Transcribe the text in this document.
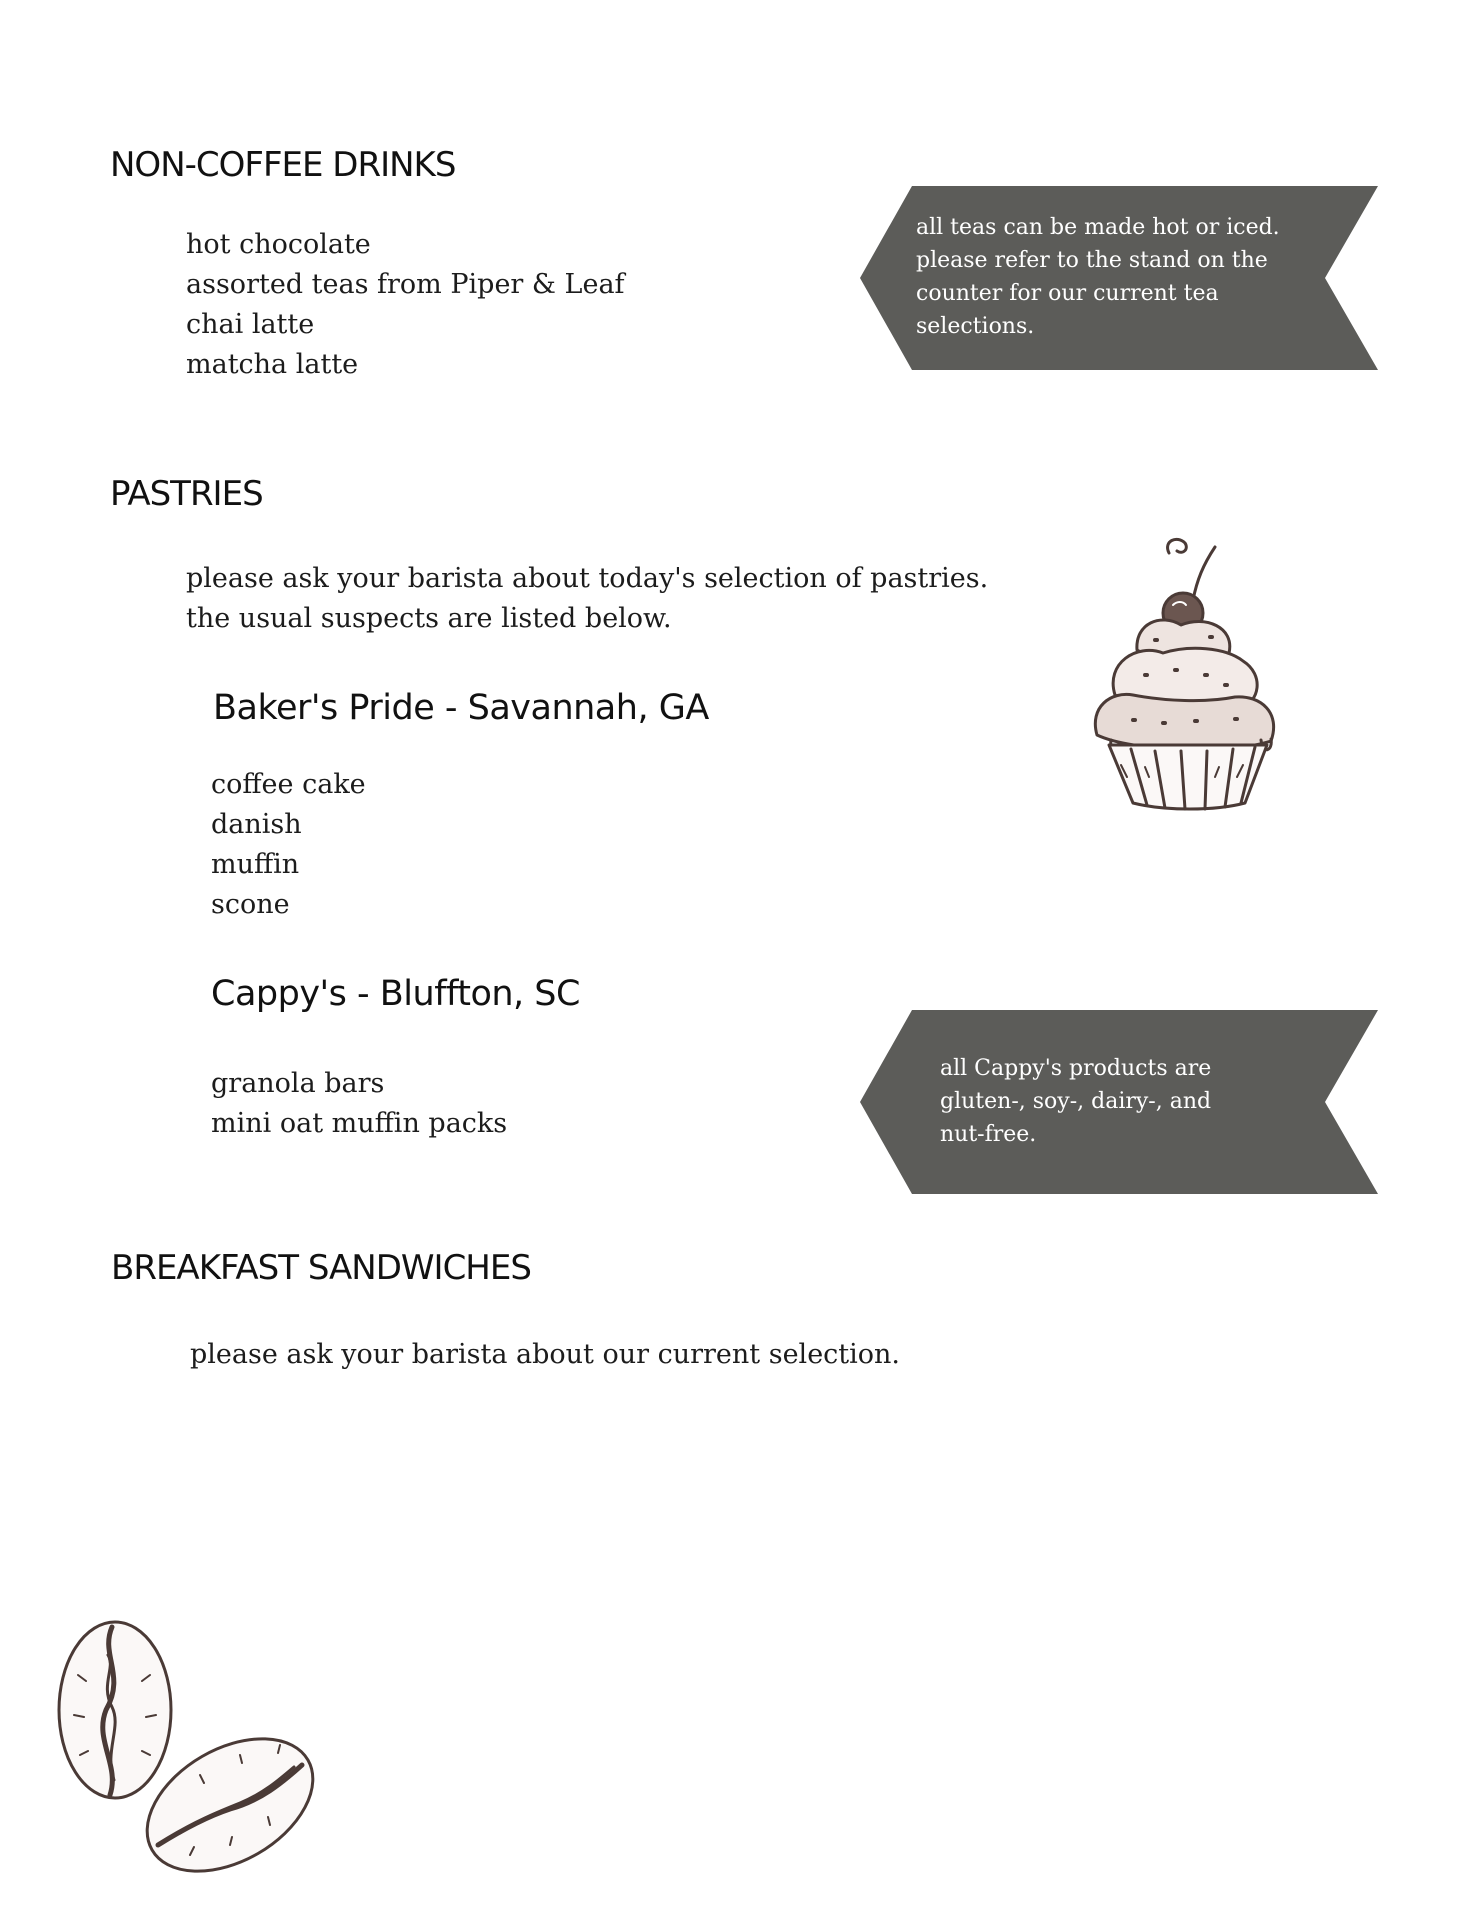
NON-COFFEE DRINKS
hot chocolate
assorted teas from Piper & Leaf
chai latte
matcha latte
all teas can be made hot or iced.
please refer to the stand on the
counter for our current tea
selections.
PASTRIES
please ask your barista about today's selection of pastries.
the usual suspects are listed below.
Baker's Pride - Savannah, GA
coffee cake
danish
muffin
scone
Cappy's - Bluffton, SC
granola bars
mini oat muffin packs
all Cappy's products are
gluten-, soy-, dairy-, and
nut-free.
BREAKFAST SANDWICHES

please ask your barista about our current selection.
